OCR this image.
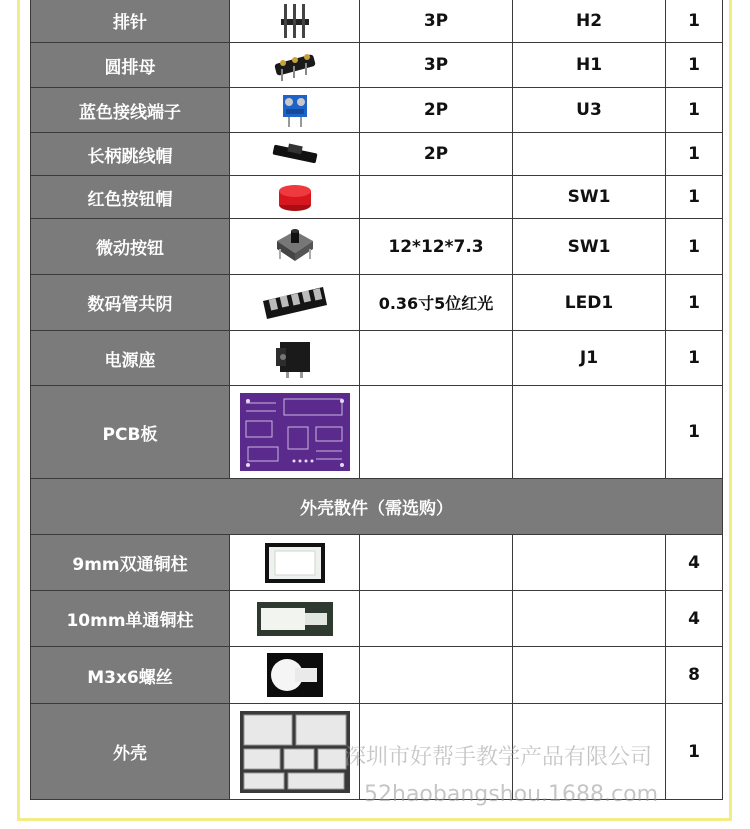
排针		3P	H2	1
圆排母		3P	H1	1
蓝色接线端子		2P	U3	1
长柄跳线帽		2P		1
红色按钮帽			SW1	1
微动按钮		12*12*7.3	SW1	1
数码管共阴		0.36寸5位红光	LED1	1
电源座			J1	1
PCB板				1
外壳散件（需选购）				
9mm双通铜柱				4
10mm单通铜柱				4
M3x6螺丝				8
外壳				1
深圳市好帮手教学产品有限公司
52haobangshou.1688.com
